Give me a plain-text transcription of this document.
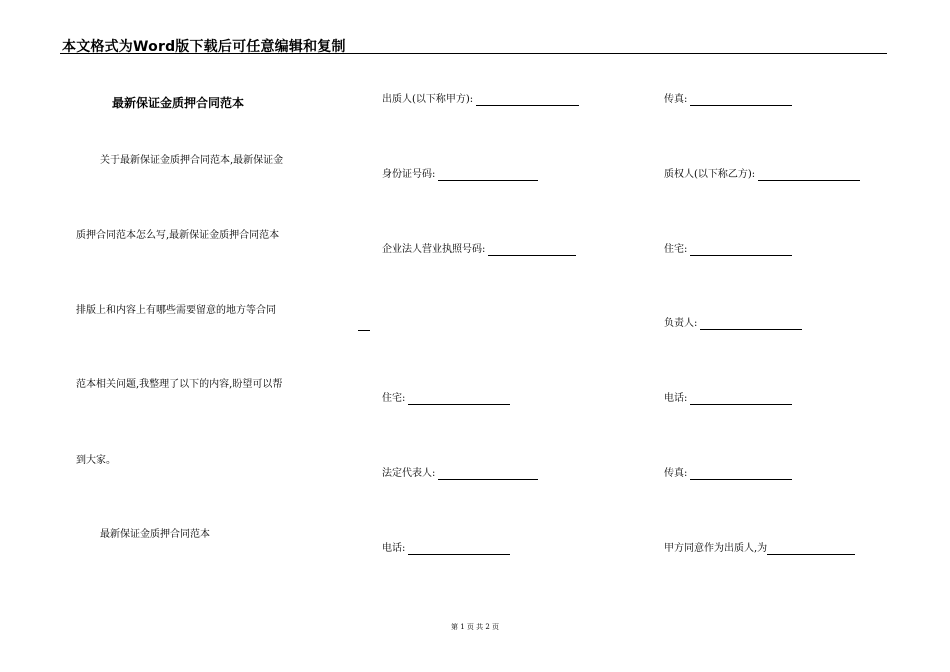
本文格式为Word版下载后可任意编辑和复制
最新保证金质押合同范本
关于最新保证金质押合同范本,最新保证金
质押合同范本怎么写,最新保证金质押合同范本
排版上和内容上有哪些需要留意的地方等合同
范本相关问题,我整理了以下的内容,盼望可以帮
到大家。
最新保证金质押合同范本
出质人(以下称甲方):
身份证号码:
企业法人营业执照号码:
住宅:
法定代表人:
电话:
传真:
质权人(以下称乙方):
住宅:
负责人:
电话:
传真:
甲方同意作为出质人,为
第 1 页 共 2 页
